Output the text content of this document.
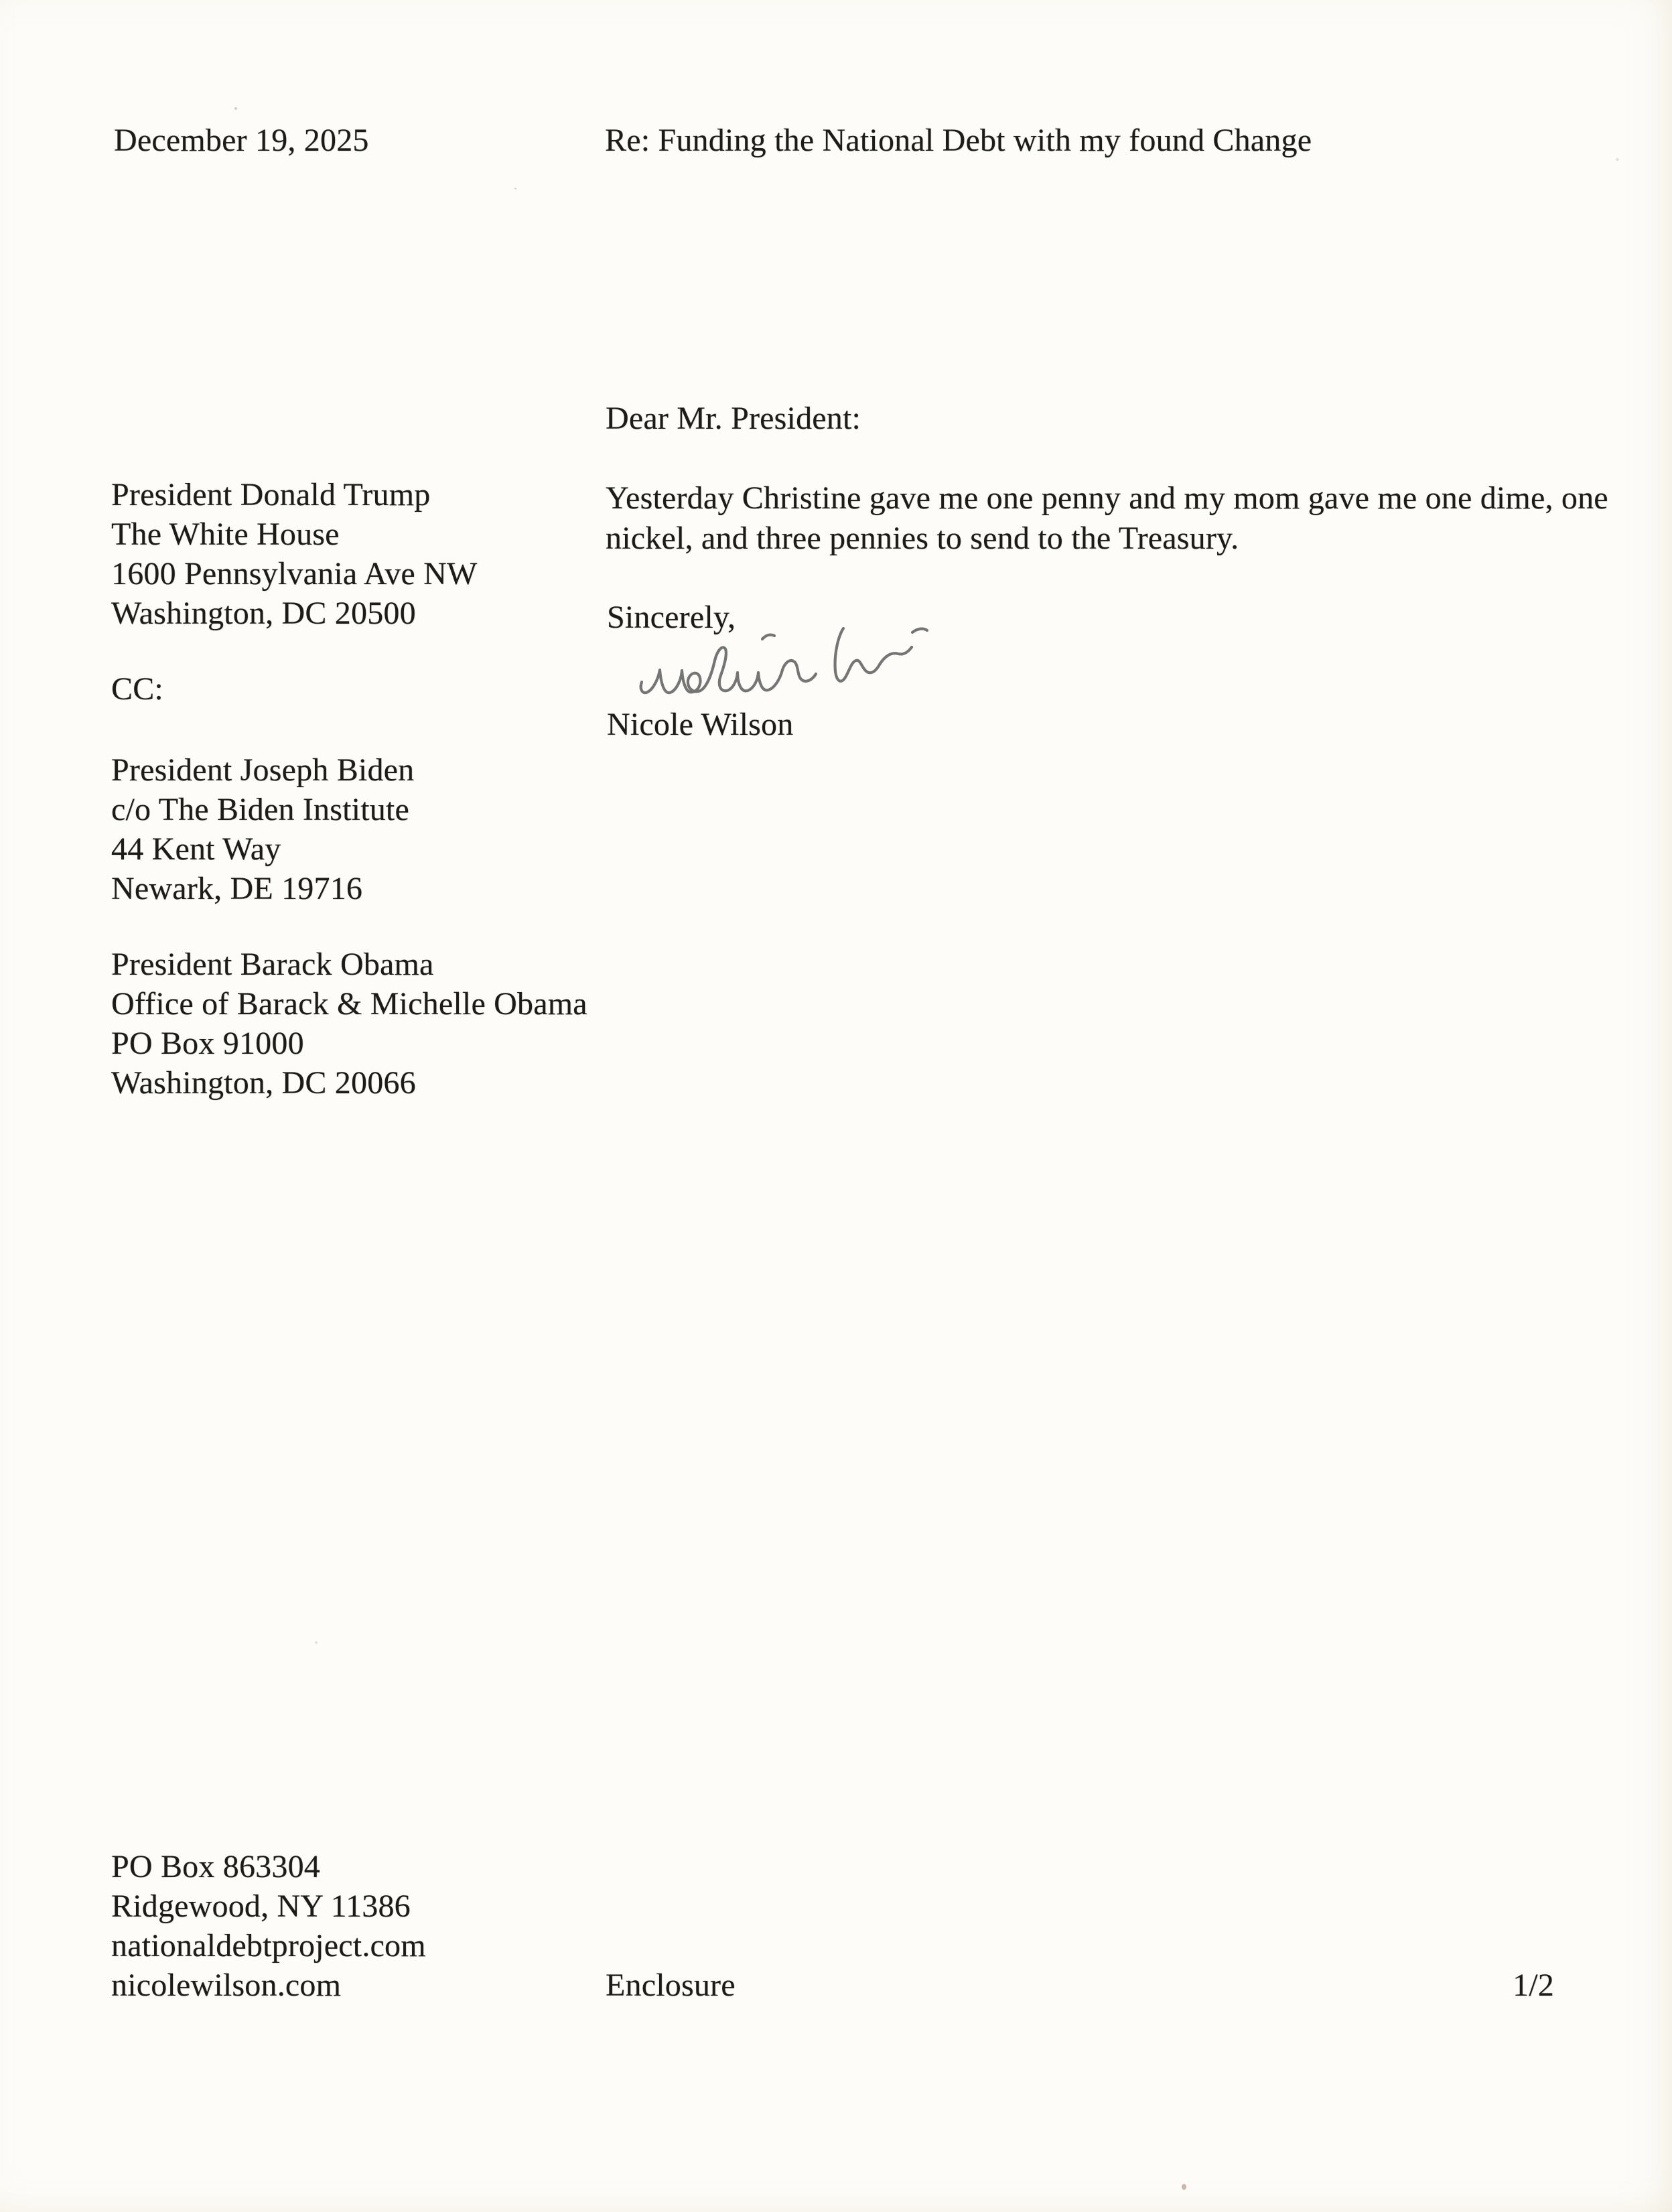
December 19, 2025	Re: Funding the National Debt with my found Change
Dear Mr. President:
President Donald Trump
The White House
1600 Pennsylvania Ave NW
Washington, DC 20500
Yesterday Christine gave me one penny and my mom gave me one dime, one
nickel, and three pennies to send to the Treasury.
Sincerely,
Nicole Wilson
CC:
President Joseph Biden
c/o The Biden Institute
44 Kent Way
Newark, DE 19716
President Barack Obama
Office of Barack & Michelle Obama
PO Box 91000
Washington, DC 20066
PO Box 863304
Ridgewood, NY 11386
nationaldebtproject.com
nicolewilson.com	Enclosure	1/2
